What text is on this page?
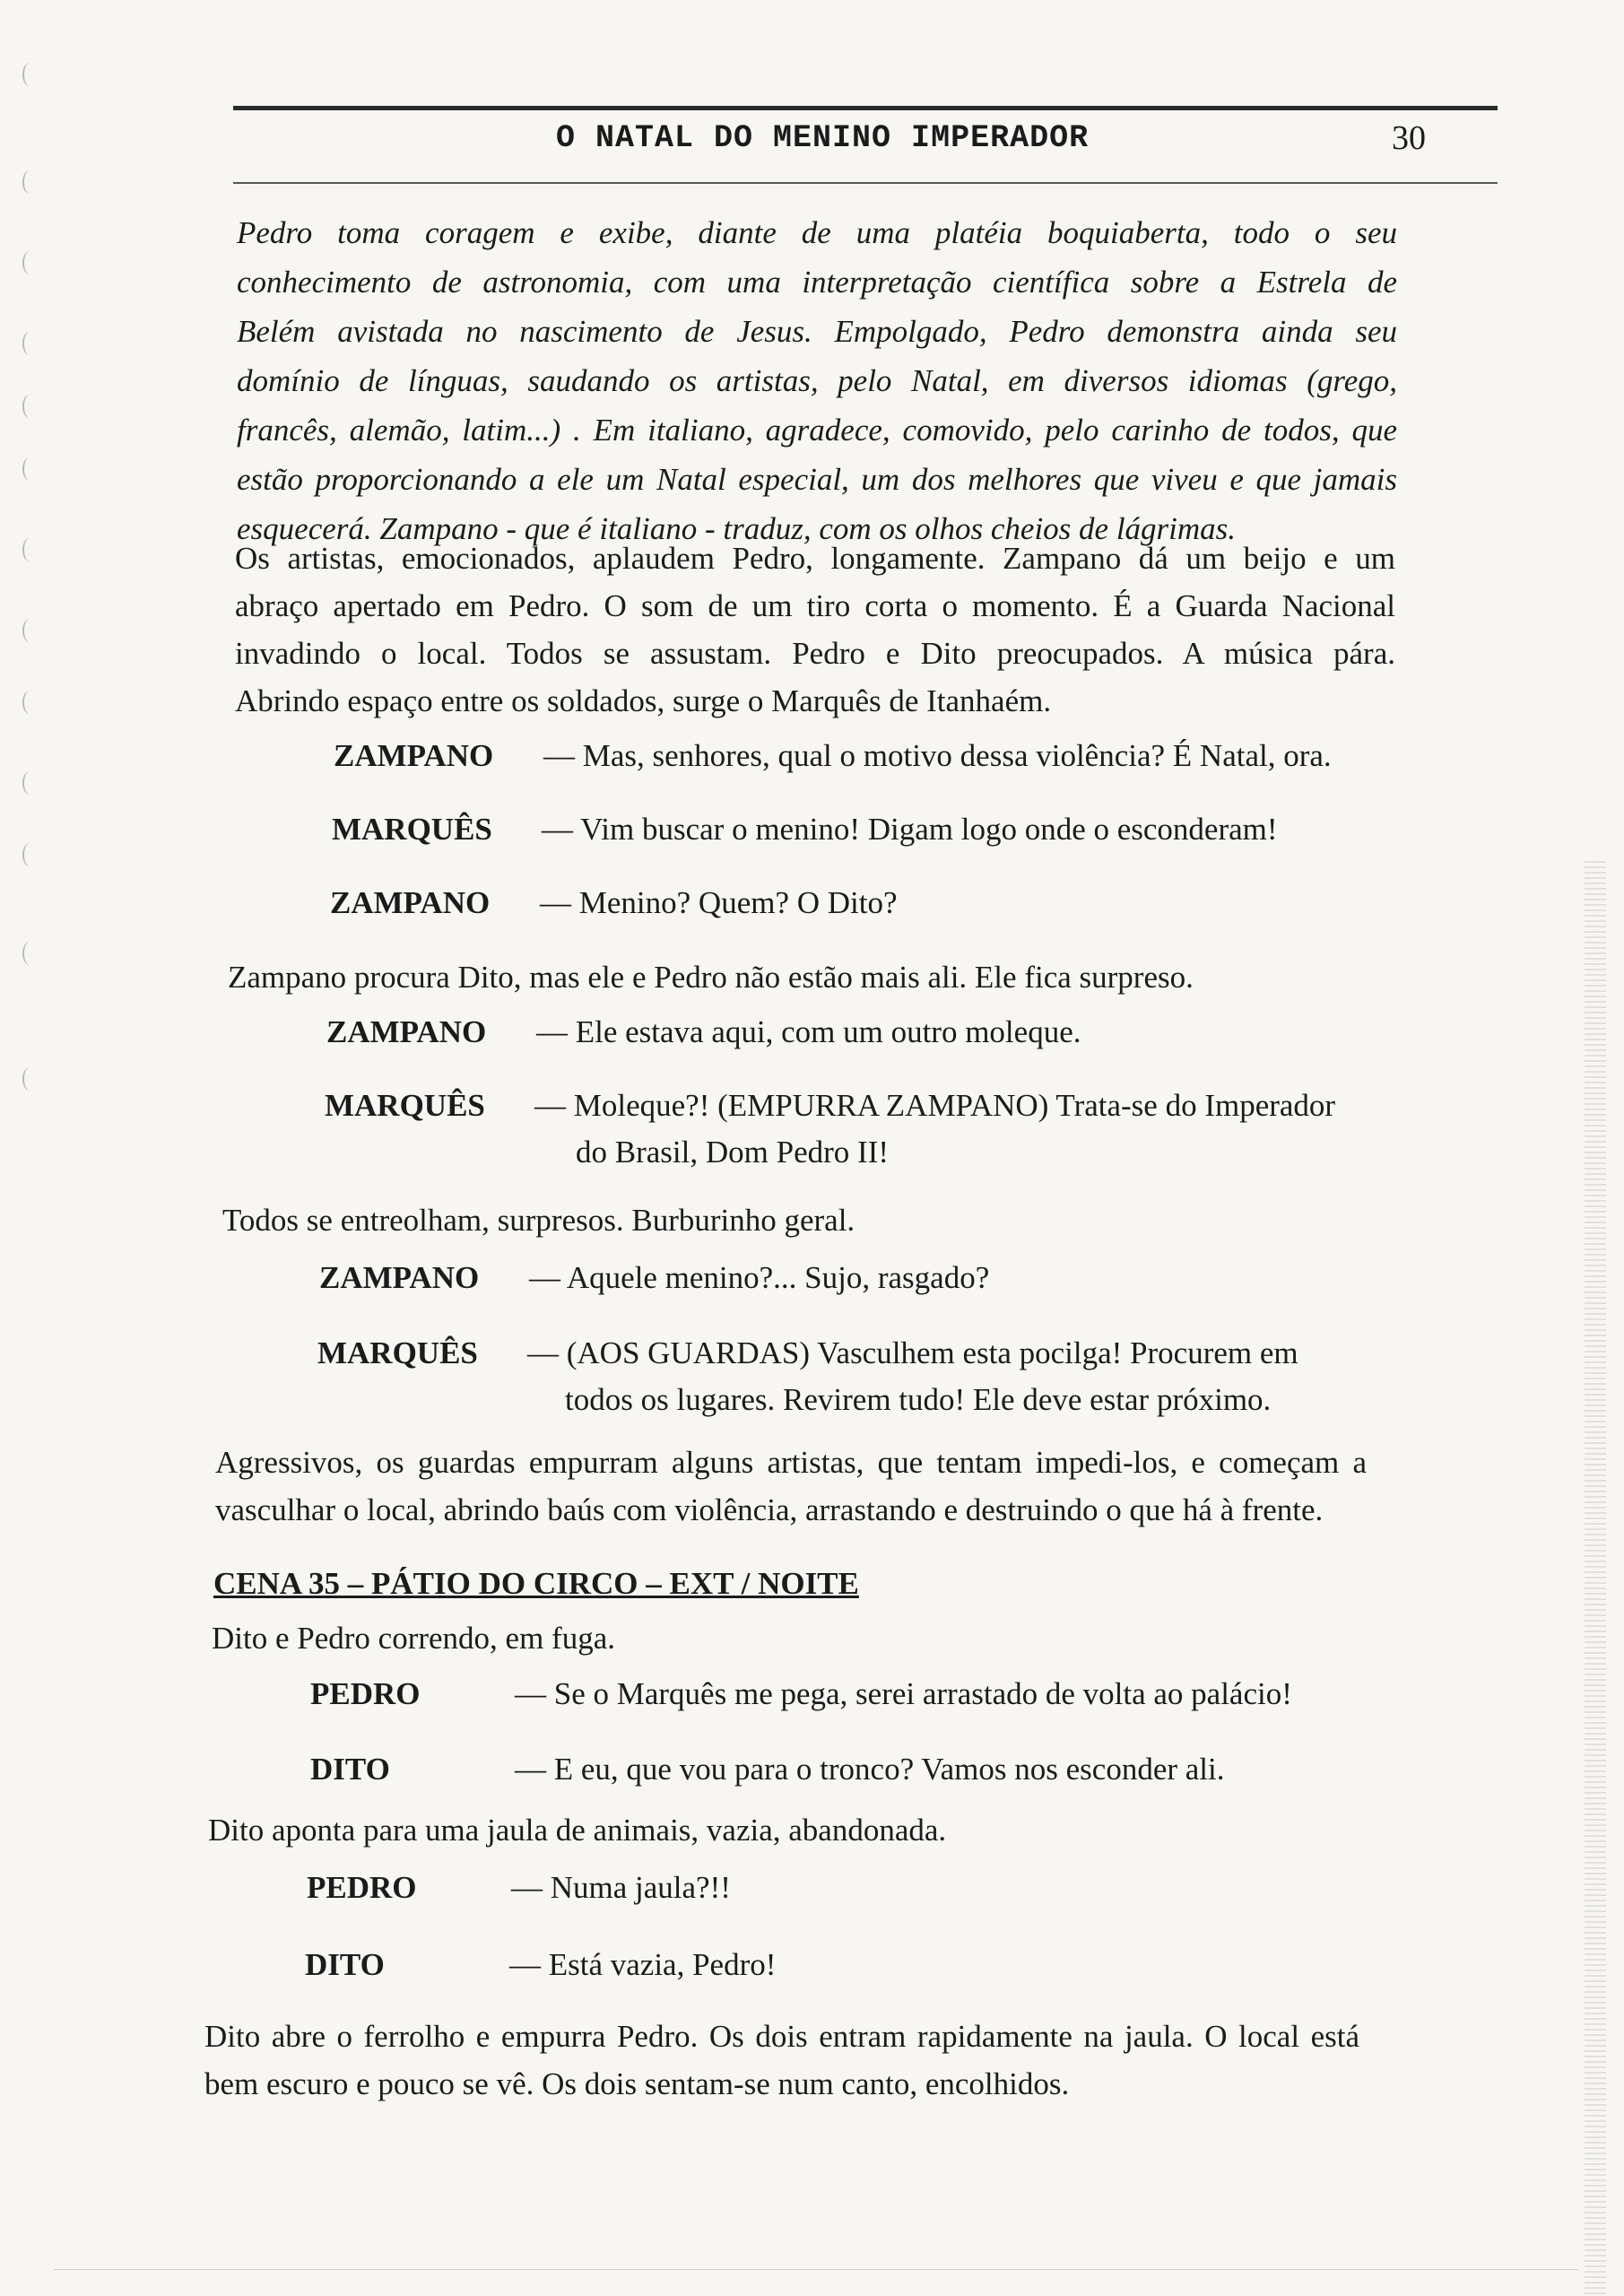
O NATAL DO MENINO IMPERADOR	30
Pedro toma coragem e exibe, diante de uma platéia boquiaberta, todo o seu
conhecimento de astronomia, com uma interpretação científica sobre a Estrela de
Belém avistada no nascimento de Jesus. Empolgado, Pedro demonstra ainda seu
domínio de línguas, saudando os artistas, pelo Natal, em diversos idiomas (grego,
francês, alemão, latim...) . Em italiano, agradece, comovido, pelo carinho de todos, que
estão proporcionando a ele um Natal especial, um dos melhores que viveu e que jamais
esquecerá. Zampano - que é italiano - traduz, com os olhos cheios de lágrimas.
Os artistas, emocionados, aplaudem Pedro, longamente. Zampano dá um beijo e um
abraço apertado em Pedro. O som de um tiro corta o momento. É a Guarda Nacional
invadindo o local. Todos se assustam. Pedro e Dito preocupados. A música pára.
Abrindo espaço entre os soldados, surge o Marquês de Itanhaém.
ZAMPANO — Mas, senhores, qual o motivo dessa violência? É Natal, ora.
MARQUÊS — Vim buscar o menino! Digam logo onde o esconderam!
ZAMPANO — Menino? Quem? O Dito?
Zampano procura Dito, mas ele e Pedro não estão mais ali. Ele fica surpreso.
ZAMPANO — Ele estava aqui, com um outro moleque.
MARQUÊS — Moleque?! (EMPURRA ZAMPANO) Trata-se do Imperador
do Brasil, Dom Pedro II!
Todos se entreolham, surpresos. Burburinho geral.
ZAMPANO — Aquele menino?... Sujo, rasgado?
MARQUÊS — (AOS GUARDAS) Vasculhem esta pocilga! Procurem em
todos os lugares. Revirem tudo! Ele deve estar próximo.
Agressivos, os guardas empurram alguns artistas, que tentam impedi-los, e começam a
vasculhar o local, abrindo baús com violência, arrastando e destruindo o que há à frente.
CENA 35 – PÁTIO DO CIRCO – EXT / NOITE
Dito e Pedro correndo, em fuga.
PEDRO	— Se o Marquês me pega, serei arrastado de volta ao palácio!
DITO	— E eu, que vou para o tronco? Vamos nos esconder ali.
Dito aponta para uma jaula de animais, vazia, abandonada.
PEDRO	— Numa jaula?!!
DITO	— Está vazia, Pedro!
Dito abre o ferrolho e empurra Pedro. Os dois entram rapidamente na jaula. O local está
bem escuro e pouco se vê. Os dois sentam-se num canto, encolhidos.
